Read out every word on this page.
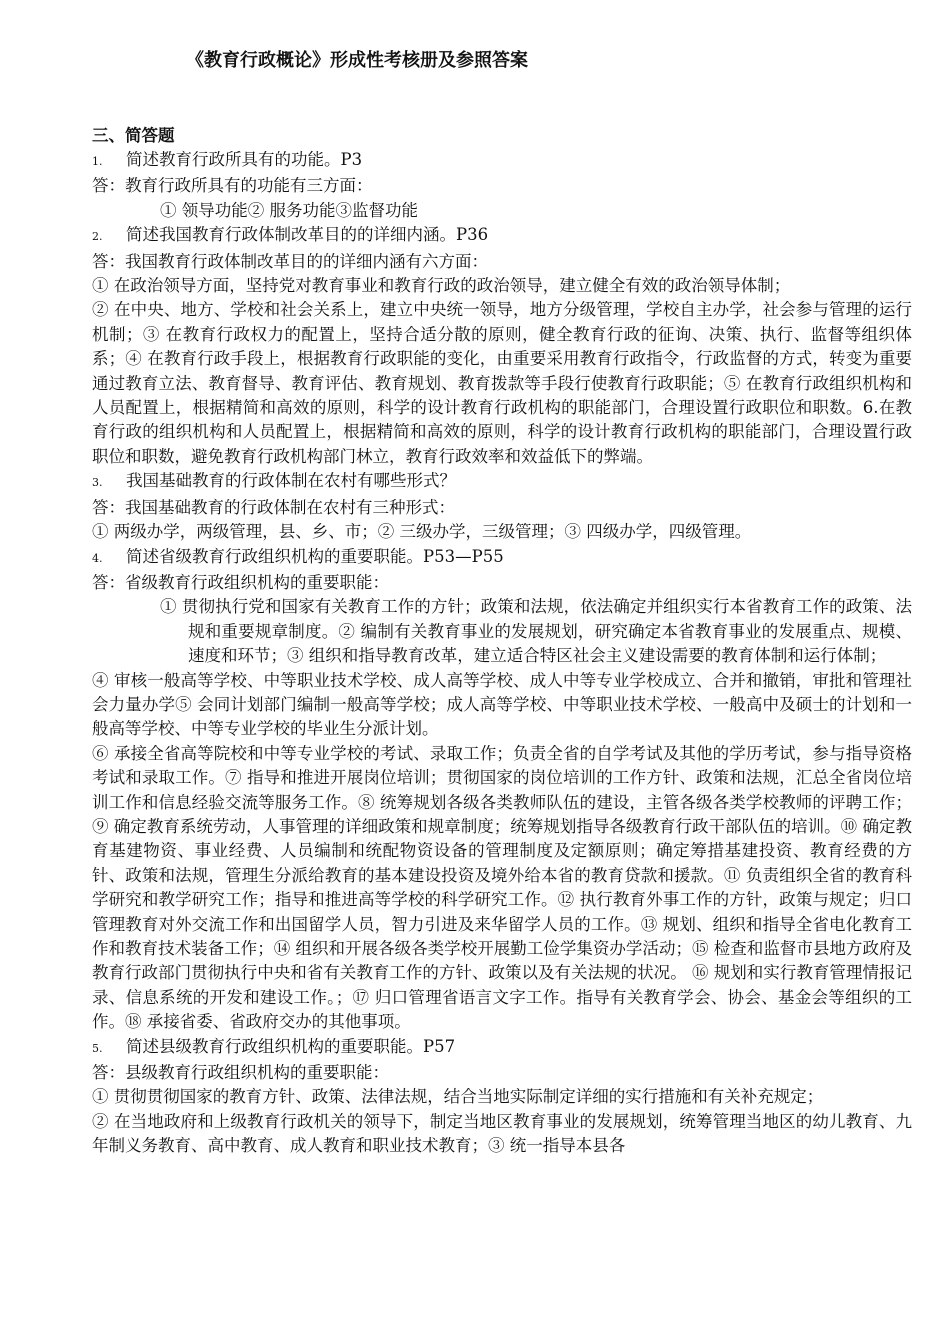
《教育行政概论》形成性考核册及参照答案
三、简答题

1. 简述教育行政所具有的功能。P3

答：教育行政所具有的功能有三方面：

① 领导功能② 服务功能③监督功能

2. 简述我国教育行政体制改革目的的详细内涵。P36

答：我国教育行政体制改革目的的详细内涵有六方面：

① 在政治领导方面，坚持党对教育事业和教育行政的政治领导，建立健全有效的政治领导体制；

② 在中央、地方、学校和社会关系上，建立中央统一领导，地方分级管理，学校自主办学，社会参与管理的运行机制；③ 在教育行政权力的配置上，坚持合适分散的原则，健全教育行政的征询、决策、执行、监督等组织体系；④ 在教育行政手段上，根据教育行政职能的变化，由重要采用教育行政指令，行政监督的方式，转变为重要通过教育立法、教育督导、教育评估、教育规划、教育拨款等手段行使教育行政职能；⑤ 在教育行政组织机构和人员配置上，根据精简和高效的原则，科学的设计教育行政机构的职能部门，合理设置行政职位和职数。6.在教育行政的组织机构和人员配置上，根据精简和高效的原则，科学的设计教育行政机构的职能部门，合理设置行政职位和职数，避免教育行政机构部门林立，教育行政效率和效益低下的弊端。

3. 我国基础教育的行政体制在农村有哪些形式？

答：我国基础教育的行政体制在农村有三种形式：

① 两级办学，两级管理，县、乡、市；② 三级办学，三级管理；③ 四级办学，四级管理。

4. 简述省级教育行政组织机构的重要职能。P53—P55

答：省级教育行政组织机构的重要职能：

① 贯彻执行党和国家有关教育工作的方针；政策和法规，依法确定并组织实行本省教育工作的政策、法规和重要规章制度。② 编制有关教育事业的发展规划，研究确定本省教育事业的发展重点、规模、速度和环节；③ 组织和指导教育改革，建立适合特区社会主义建设需要的教育体制和运行体制；

④ 审核一般高等学校、中等职业技术学校、成人高等学校、成人中等专业学校成立、合并和撤销，审批和管理社会力量办学⑤ 会同计划部门编制一般高等学校；成人高等学校、中等职业技术学校、一般高中及硕士的计划和一般高等学校、中等专业学校的毕业生分派计划。

⑥ 承接全省高等院校和中等专业学校的考试、录取工作；负责全省的自学考试及其他的学历考试，参与指导资格考试和录取工作。⑦ 指导和推进开展岗位培训；贯彻国家的岗位培训的工作方针、政策和法规，汇总全省岗位培训工作和信息经验交流等服务工作。⑧ 统筹规划各级各类教师队伍的建设，主管各级各类学校教师的评聘工作；⑨ 确定教育系统劳动，人事管理的详细政策和规章制度；统筹规划指导各级教育行政干部队伍的培训。⑩ 确定教育基建物资、事业经费、人员编制和统配物资设备的管理制度及定额原则；确定筹措基建投资、教育经费的方针、政策和法规，管理生分派给教育的基本建设投资及境外给本省的教育贷款和援款。⑪ 负责组织全省的教育科学研究和教学研究工作；指导和推进高等学校的科学研究工作。⑫ 执行教育外事工作的方针，政策与规定；归口管理教育对外交流工作和出国留学人员，智力引进及来华留学人员的工作。⑬ 规划、组织和指导全省电化教育工作和教育技术装备工作；⑭ 组织和开展各级各类学校开展勤工俭学集资办学活动；⑮ 检查和监督市县地方政府及教育行政部门贯彻执行中央和省有关教育工作的方针、政策以及有关法规的状况。 ⑯ 规划和实行教育管理情报记录、信息系统的开发和建设工作。；⑰ 归口管理省语言文字工作。指导有关教育学会、协会、基金会等组织的工作。⑱ 承接省委、省政府交办的其他事项。

5. 简述县级教育行政组织机构的重要职能。P57

答：县级教育行政组织机构的重要职能：

① 贯彻贯彻国家的教育方针、政策、法律法规，结合当地实际制定详细的实行措施和有关补充规定；

② 在当地政府和上级教育行政机关的领导下，制定当地区教育事业的发展规划，统筹管理当地区的幼儿教育、九年制义务教育、高中教育、成人教育和职业技术教育；③ 统一指导本县各
